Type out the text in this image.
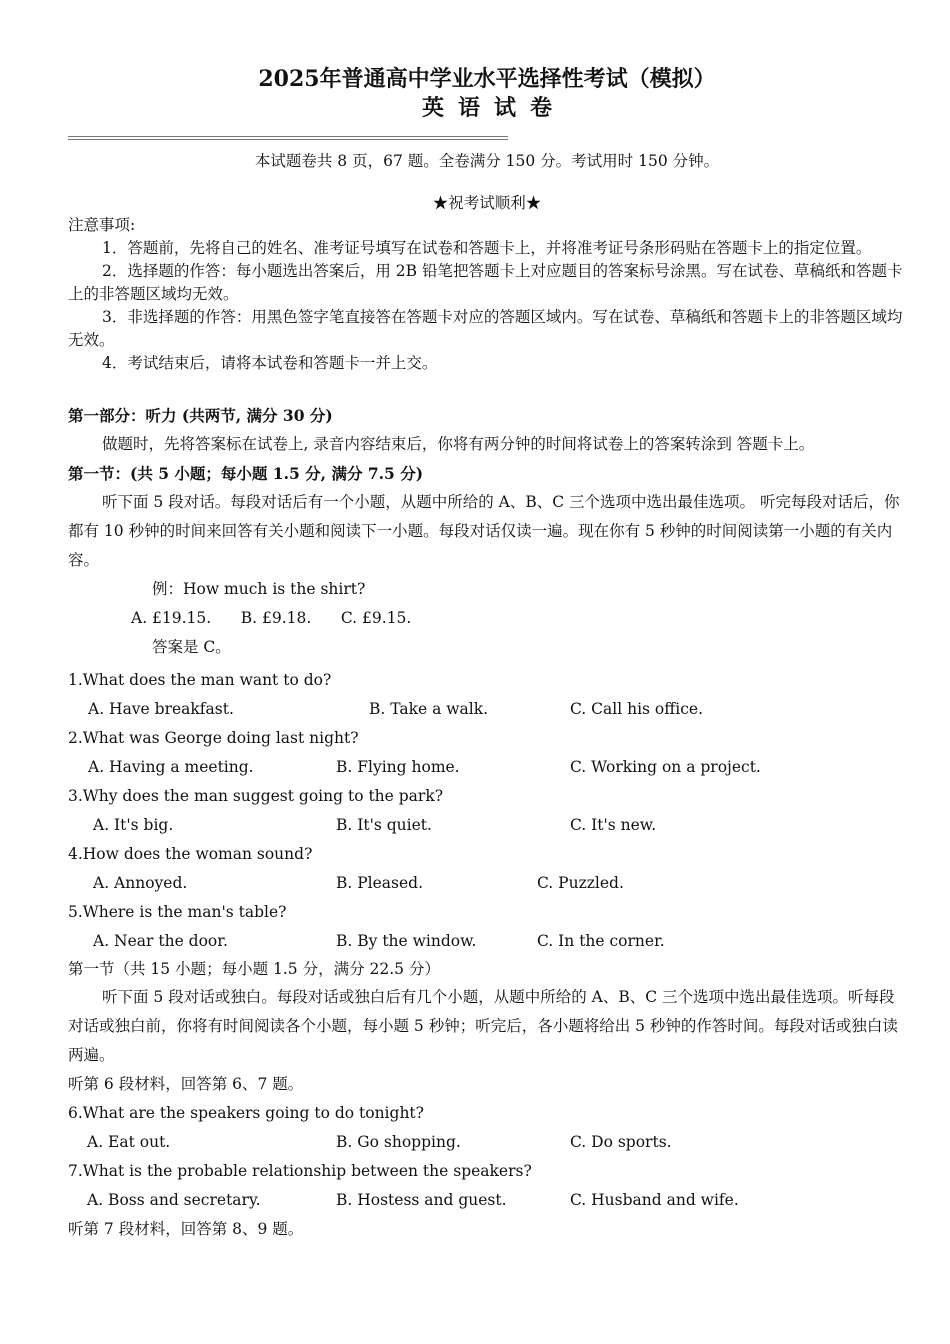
2025年普通高中学业水平选择性考试（模拟）

英语试卷

本试题卷共 8 页，67 题。全卷满分 150 分。考试用时 150 分钟。

★祝考试顺利★

注意事项:

1．答题前，先将自己的姓名、准考证号填写在试卷和答题卡上，并将准考证号条形码贴在答题卡上的指定位置。

2．选择题的作答：每小题选出答案后，用 2B 铅笔把答题卡上对应题目的答案标号涂黑。写在试卷、草稿纸和答题卡上的非答题区域均无效。

3．非选择题的作答：用黑色签字笔直接答在答题卡对应的答题区域内。写在试卷、草稿纸和答题卡上的非答题区域均无效。

4．考试结束后，请将本试卷和答题卡一并上交。

第一部分：听力 (共两节, 满分 30 分)

做题时，先将答案标在试卷上, 录音内容结束后，你将有两分钟的时间将试卷上的答案转涂到 答题卡上。

第一节：(共 5 小题；每小题 1.5 分, 满分 7.5 分)

听下面 5 段对话。每段对话后有一个小题，从题中所给的 A、B、C 三个选项中选出最佳选项。 听完每段对话后，你都有 10 秒钟的时间来回答有关小题和阅读下一小题。每段对话仅读一遍。现在你有 5 秒钟的时间阅读第一小题的有关内容。

例：How much is the shirt?

A. £19.15.      B. £9.18.      C. £9.15.

答案是 C。

1.What does the man want to do?

A. Have breakfast.	B. Take a walk.	C. Call his office.

2.What was George doing last night?

A. Having a meeting.	B. Flying home.	C. Working on a project.

3.Why does the man suggest going to the park?

A. It's big.	B. It's quiet.	C. It's new.

4.How does the woman sound?

A. Annoyed.	B. Pleased.	C. Puzzled.

5.Where is the man's table?

A. Near the door.	B. By the window.	C. In the corner.

第一节（共 15 小题；每小题 1.5 分，满分 22.5 分）

听下面 5 段对话或独白。每段对话或独白后有几个小题，从题中所给的 A、B、C 三个选项中选出最佳选项。听每段对话或独白前，你将有时间阅读各个小题，每小题 5 秒钟；听完后，各小题将给出 5 秒钟的作答时间。每段对话或独白读两遍。

听第 6 段材料，回答第 6、7 题。

6.What are the speakers going to do tonight?

A. Eat out.	B. Go shopping.	C. Do sports.

7.What is the probable relationship between the speakers?

A. Boss and secretary.	B. Hostess and guest.	C. Husband and wife.

听第 7 段材料，回答第 8、9 题。
